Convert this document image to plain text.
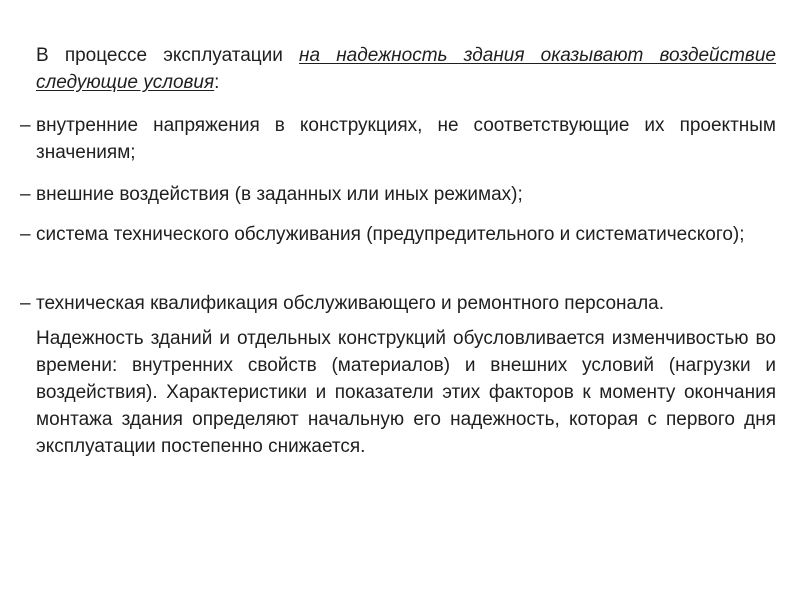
В процессе эксплуатации на надежность здания оказывают воздействие следующие условия:

– внутренние напряжения в конструкциях, не соответствующие их проектным значениям;
– внешние воздействия (в заданных или иных режимах);
– система технического обслуживания (предупредительного и систематического);
– техническая квалификация обслуживающего и ремонтного персонала.

Надежность зданий и отдельных конструкций обусловливается изменчивостью во времени: внутренних свойств (материалов) и внешних условий (нагрузки и воздействия). Характеристики и показатели этих факторов к моменту окончания монтажа здания определяют начальную его надежность, которая с первого дня эксплуатации постепенно снижается.
